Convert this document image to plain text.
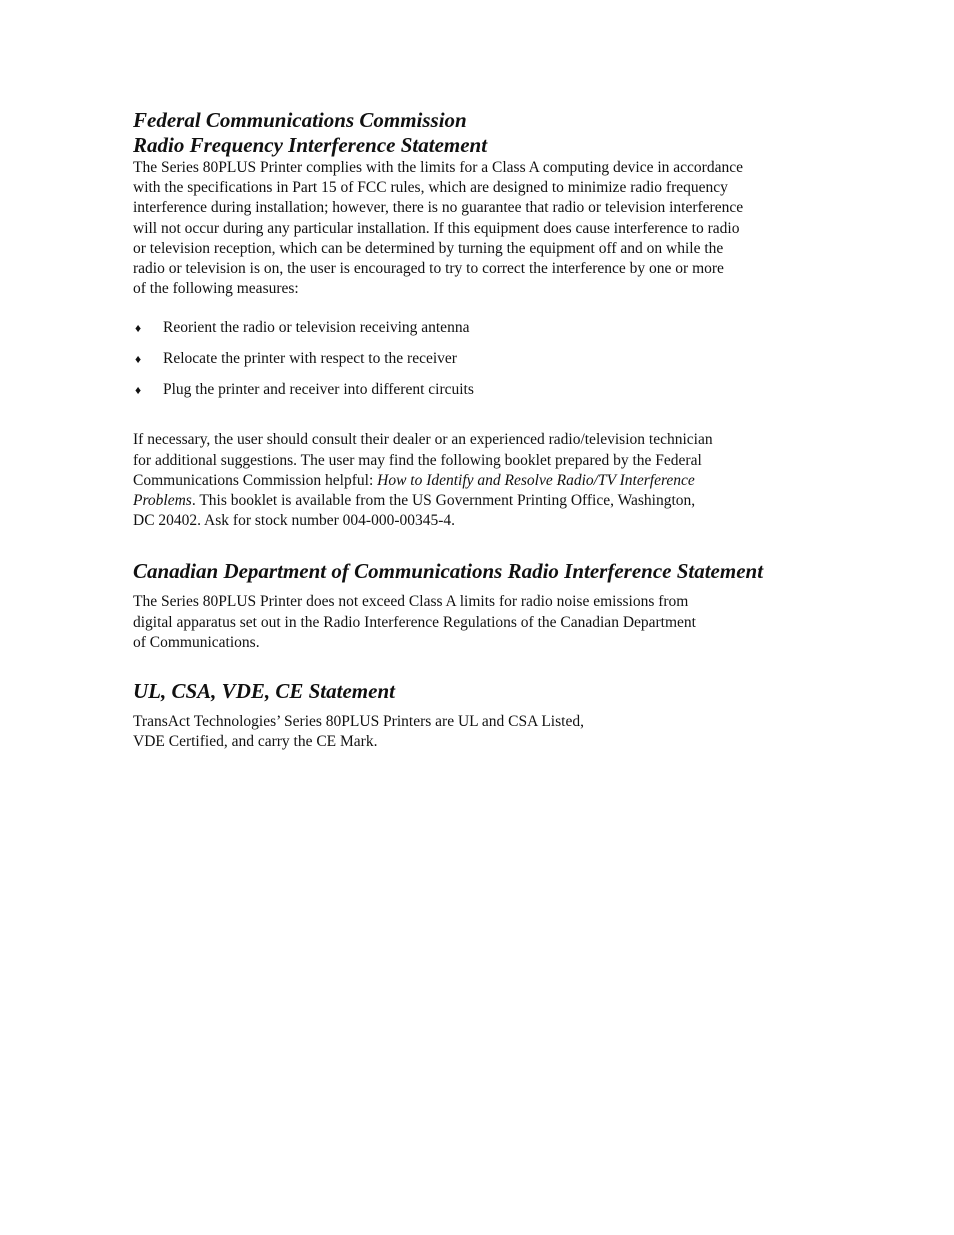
Federal Communications Commission
Radio Frequency Interference Statement

The Series 80PLUS Printer complies with the limits for a Class A computing device in accordance
with the specifications in Part 15 of FCC rules, which are designed to minimize radio frequency
interference during installation; however, there is no guarantee that radio or television interference
will not occur during any particular installation. If this equipment does cause interference to radio
or television reception, which can be determined by turning the equipment off and on while the
radio or television is on, the user is encouraged to try to correct the interference by one or more
of the following measures:

♦	Reorient the radio or television receiving antenna
♦	Relocate the printer with respect to the receiver
♦	Plug the printer and receiver into different circuits

If necessary, the user should consult their dealer or an experienced radio/television technician
for additional suggestions. The user may find the following booklet prepared by the Federal
Communications Commission helpful: How to Identify and Resolve Radio/TV Interference
Problems. This booklet is available from the US Government Printing Office, Washington,
DC 20402. Ask for stock number 004-000-00345-4.

Canadian Department of Communications Radio Interference Statement

The Series 80PLUS Printer does not exceed Class A limits for radio noise emissions from
digital apparatus set out in the Radio Interference Regulations of the Canadian Department
of Communications.

UL, CSA, VDE, CE Statement

TransAct Technologies’ Series 80PLUS Printers are UL and CSA Listed,
VDE Certified, and carry the CE Mark.
